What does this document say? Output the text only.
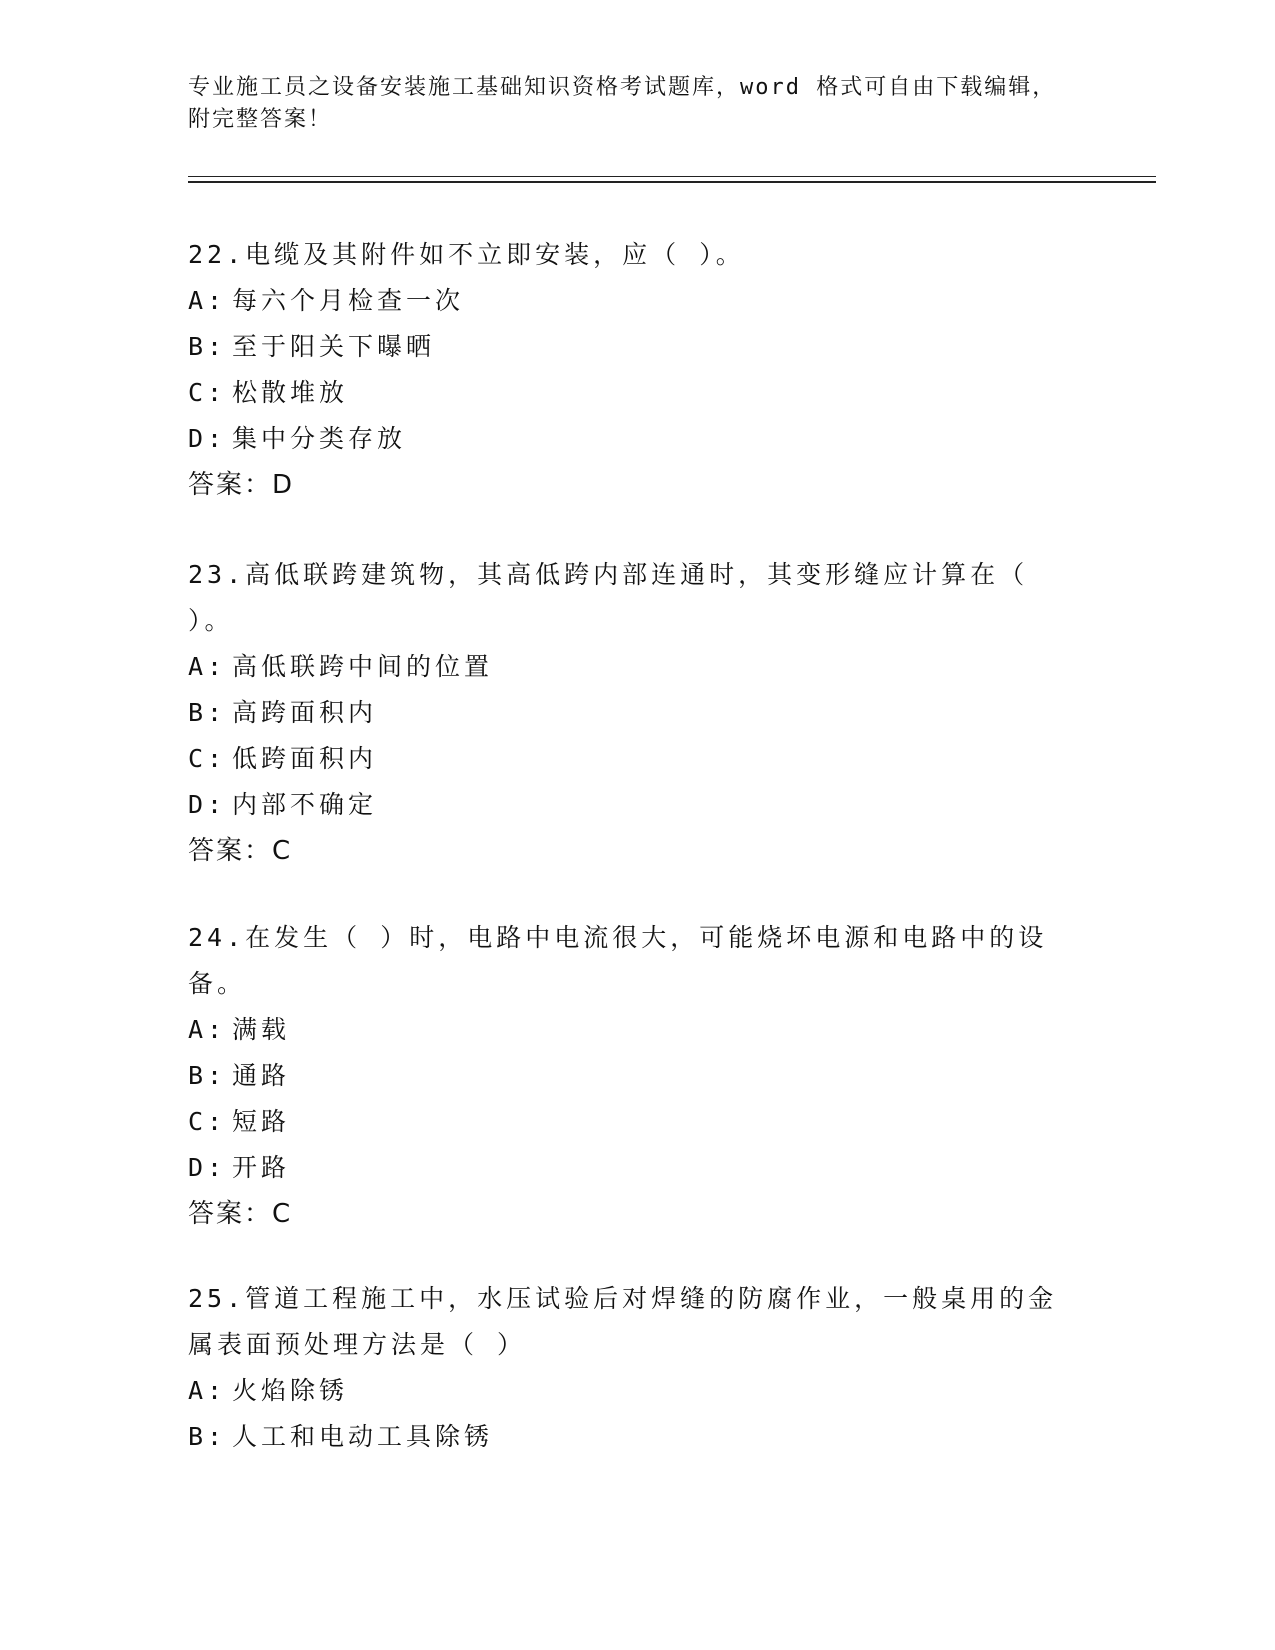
专业施工员之设备安装施工基础知识资格考试题库，word 格式可自由下载编辑，附完整答案！

22.电缆及其附件如不立即安装，应（ ）。

A: 每六个月检查一次

B: 至于阳关下曝晒

C: 松散堆放

D: 集中分类存放

答案：D

23.高低联跨建筑物，其高低跨内部连通时，其变形缝应计算在（ ）。

A: 高低联跨中间的位置

B: 高跨面积内

C: 低跨面积内

D: 内部不确定

答案：C

24.在发生（ ）时，电路中电流很大，可能烧坏电源和电路中的设备。

A: 满载

B: 通路

C: 短路

D: 开路

答案：C

25.管道工程施工中，水压试验后对焊缝的防腐作业，一般桌用的金属表面预处理方法是（ ）

A: 火焰除锈

B: 人工和电动工具除锈
